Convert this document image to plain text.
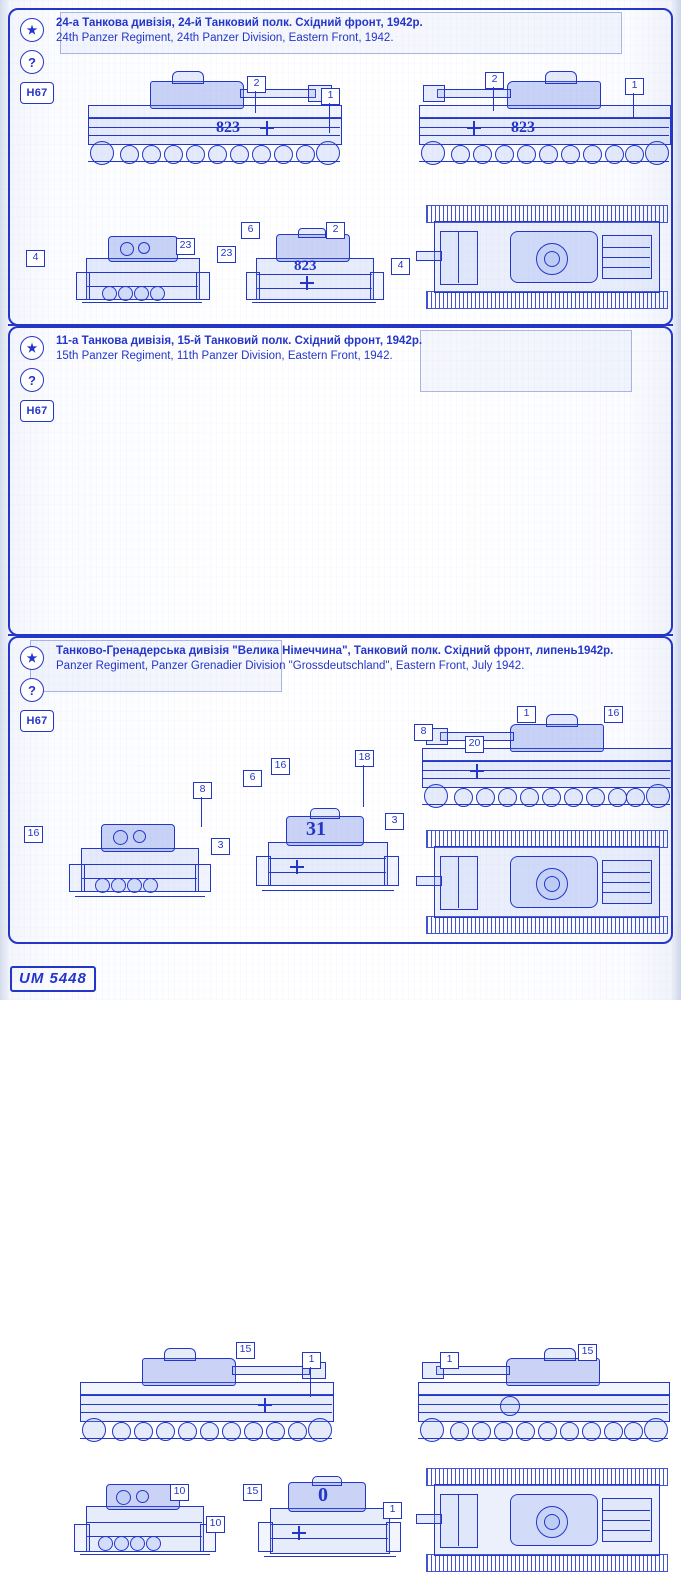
★
?
H67
24-а Танкова дивізія, 24-й Танковий полк. Східний фронт, 1942р.
24th Panzer Regiment, 24th Panzer Division, Eastern Front, 1942.
823
2
1
823
2	1
4
23
823
23
6	2
4
★
?
H67
11-а Танкова дивізія, 15-й Танковий полк. Східний фронт, 1942р.
15th Panzer Regiment, 11th Panzer Division, Eastern Front, 1942.
20
1	16
8
16
8
3
31
6
16
18
3
★
?
H67
Танково-Гренадерська дивізія "Велика Німеччина", Танковий полк. Східний фронт, липень1942р.
Panzer Regiment, Panzer Grenadier Division "Grossdeutschland", Eastern Front, July 1942.
15
1	1
15
10
10
0
15
1
UM 5448
